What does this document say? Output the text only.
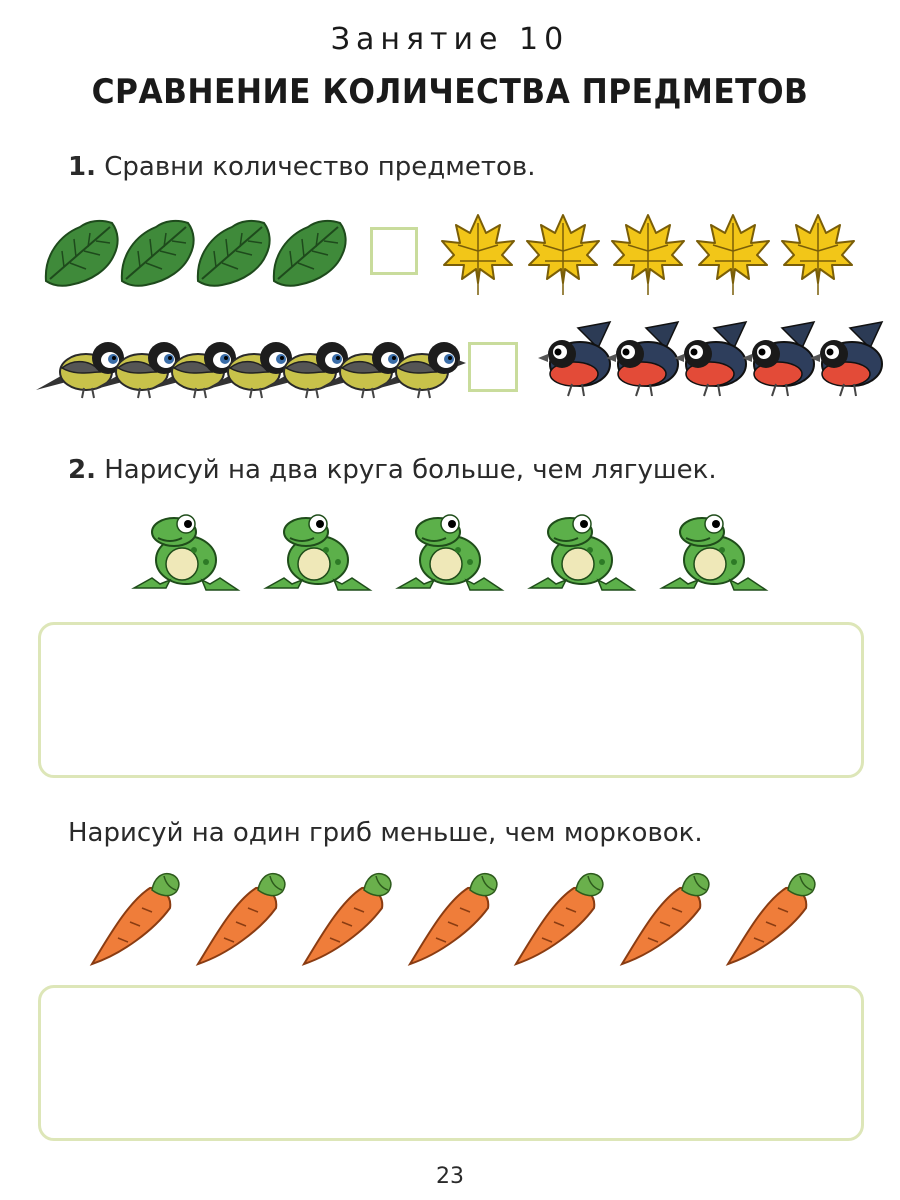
Занятие 10
СРАВНЕНИЕ КОЛИЧЕСТВА ПРЕДМЕТОВ
1. Сравни количество предметов.
2. Нарисуй на два круга больше, чем лягушек.
Нарисуй на один гриб меньше, чем морковок.
23
